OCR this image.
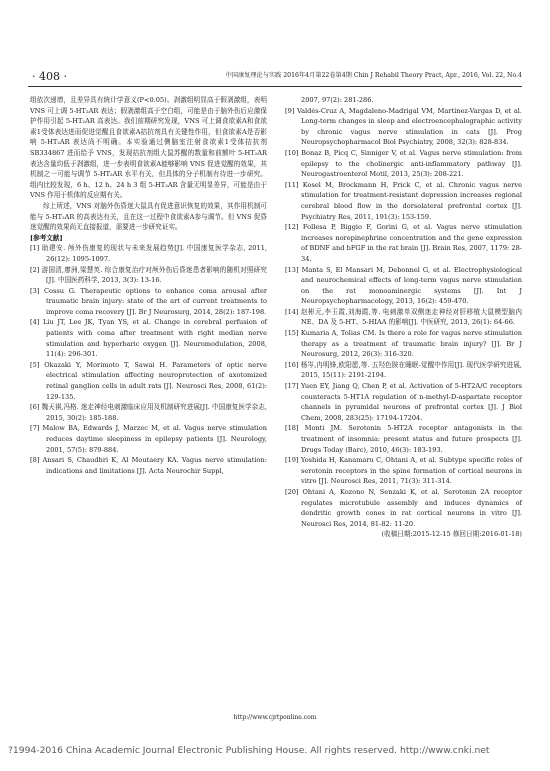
· 408 ·	中国康复理论与实践 2016年4月第22卷第4期 Chin J Rehabil Theory Pract, Apr., 2016, Vol. 22, No.4

组依次递增，且差异具有统计学意义(P<0.05)。剥激组明显高于假剥激组，表明 VNS 可上调 5-HT₂AR 表达；假剥激组高于空白组，可能是由于脑外伤后应激保护作用引起 5-HT₂AR 高表达。我们前期研究发现，VNS 可上调食欲素A和食欲素1受体表达进而促进觉醒且食欲素A拮抗剂具有关键性作用，但食欲素A是否影响 5-HT₂AR 表达尚不明确。本实验通过侧脑室注射食欲素1受体拮抗剂 SB334867 进而给予 VNS，发现拮抗剂组大鼠苏醒的数量和前额叶 5-HT₂AR 表达含量均低于剥激组，进一步表明食欲素A能够影响 VNS 促进觉醒的效果，其机制之一可能与调节 5-HT₂AR 水平有关，但具体的分子机制有待进一步研究。组内比较发现，6 h、12 h、24 h 3 组 5-HT₂AR 含量无明显差异，可能是由于 VNS 作用于机体的反应期有关。

综上所述，VNS 对脑外伤昏迷大鼠具有促进意识恢复的效果，其作用机制可能与 5-HT₂AR 的高表达有关，且在这一过程中食欲素A参与调节。但 VNS 促昏迷觉醒的效果尚无直接报道，需要进一步研究证实。

[参考文献]

[1] 助建安. 颅外伤康复的现状与未来发展趋势[J]. 中国康复医学杂志, 2011, 26(12): 1095-1097.

[2] 游国清,廖洲,梁慧英. 综合康复治疗对颅外伤后昏迷患者影响的随机对照研究[J]. 中国医药科学, 2013, 3(3): 13-16.

[3] Cossu G. Therapeutic options to enhance coma arousal after traumatic brain injury: state of the art of current treatments to improve coma recovery [J]. Br J Neurosurg, 2014, 28(2): 187-198.

[4] Liu JT, Lee JK, Tyan YS, et al. Change in cerebral perfusion of patients with coma after treatment with right median nerve stimulation and hyperbaric oxygen [J]. Neuromodulation, 2008, 11(4): 296-301.

[5] Okazaki Y, Morimoto T, Sawai H. Parameters of optic nerve electrical stimulation affecting neuroprotection of axotomized retinal ganglion cells in adult rats [J]. Neurosci Res, 2008, 61(2): 129-135.

[6] 魏天祺,冯格. 迷走神经电刺激临床应用及机制研究进展[J]. 中国康复医学杂志, 2015, 30(2): 185-188.

[7] Malow BA, Edwards J, Marzec M, et al. Vagus nerve stimulation reduces daytime sleepiness in epilepsy patients [J]. Neurology, 2001, 57(5): 879-884.

[8] Ansari S, Chaudhri K, Al Moutaery KA. Vagus nerve stimulation: indications and limitations [J]. Acta Neurochir Suppl,

2007, 97(2): 281-286.

[9] Valdés-Cruz A, Magdaleno-Madrigal VM, Martínez-Vargas D, et al. Long-term changes in sleep and electroencephalographic activity by chronic vagus nerve stimulation in cats [J]. Prog Neuropsychopharmacol Biol Psychiatry, 2008, 32(3): 828-834.

[10] Bonaz B, Picq C, Sinniger V, et al. Vagus nerve stimulation: from epilepsy to the cholinergic anti-inflammatory pathway [J]. Neurogastroenterol Motil, 2013, 25(3): 208-221.

[11] Kosel M, Brockmann H, Frick C, et al. Chronic vagus nerve stimulation for treatment-resistant depression increases regional cerebral blood flow in the dorsolateral prefrontal cortex [J]. Psychiatry Res, 2011, 191(3): 153-159.

[12] Follesa P, Biggio F, Gorini G, et al. Vagus nerve stimulation increases norepinephrine concentration and the gene expression of BDNF and bFGF in the rat brain [J]. Brain Res, 2007, 1179: 28-34.

[13] Manta S, El Mansari M, Debonnel G, et al. Electrophysiological and neurochemical effects of long-term vagus nerve stimulation on the rat monoaminergic systems [J]. Int J Neuropsychopharmacology, 2013, 16(2): 459-470.

[14] 赵彬元,李玉霞,刘海霞,等. 电刺激单双侧迷走神经对肝移植大鼠模型脑内 NE、DA 及 5-HT、5-HIAA 的影响[J]. 中医研究, 2013, 26(1): 64-66.

[15] Kumaria A, Tolias CM. Is there a role for vagus nerve stimulation therapy as a treatment of traumatic brain injury? [J]. Br J Neurosurg, 2012, 26(3): 316-320.

[16] 杨岑,冉明锋,欧阳愿,等. 五羟色胺在睡眠-觉醒中作用[J]. 现代医学研究进展, 2015, 15(11): 2191-2194.

[17] Yuen EY, Jiang Q, Chen P, et al. Activation of 5-HT2A/C receptors counteracts 5-HT1A regulation of n-methyl-D-aspartate receptor channels in pyramidal neurons of prefrontal cortex [J]. J Biol Chem, 2008, 283(25): 17194-17204.

[18] Monti JM. Serotonin 5-HT2A receptor antagonists in the treatment of insomnia: present status and future prospects [J]. Drugs Today (Barc), 2010, 46(3): 183-193.

[19] Yoshida H, Kanamaru C, Ohtani A, et al. Subtype specific roles of serotonin receptors in the spine formation of cortical neurons in vitro [J]. Neurosci Res, 2011, 71(3): 311-314.

[20] Ohtani A, Kozono N, Senzaki K, et al. Serotonin 2A receptor regulates microtubule assembly and induces dynamics of dendritic growth cones in rat cortical neurons in vitro [J]. Neurosci Res, 2014, 81-82: 11-20.

(收稿日期:2015-12-15 修回日期:2016-01-18)

http://www.cjrtponline.com
?1994-2016 China Academic Journal Electronic Publishing House. All rights reserved. http://www.cnki.net
